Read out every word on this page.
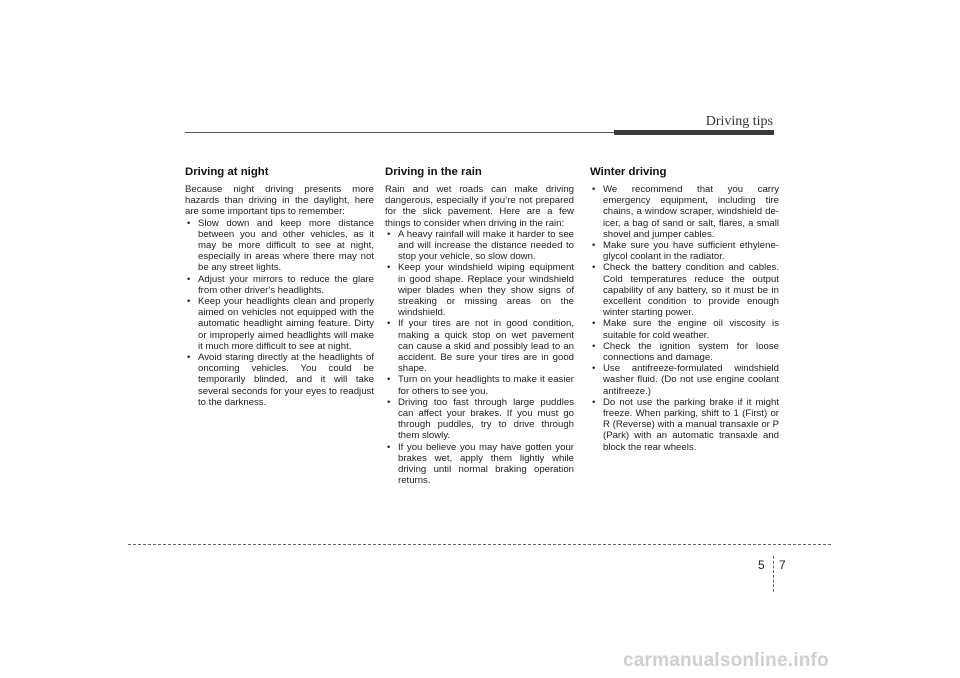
Driving tips
Driving at night

Because night driving presents more hazards than driving in the daylight, here are some important tips to remember:

• Slow down and keep more distance between you and other vehicles, as it may be more difficult to see at night, especially in areas where there may not be any street lights.
• Adjust your mirrors to reduce the glare from other driver's headlights.
• Keep your headlights clean and properly aimed on vehicles not equipped with the automatic headlight aiming feature. Dirty or improperly aimed headlights will make it much more difficult to see at night.
• Avoid staring directly at the headlights of oncoming vehicles. You could be temporarily blinded, and it will take several seconds for your eyes to readjust to the darkness.
Driving in the rain

Rain and wet roads can make driving dangerous, especially if you’re not prepared for the slick pavement. Here are a few things to consider when driving in the rain:

• A heavy rainfall will make it harder to see and will increase the distance needed to stop your vehicle, so slow down.
• Keep your windshield wiping equipment in good shape. Replace your windshield wiper blades when they show signs of streaking or missing areas on the windshield.
• If your tires are not in good condition, making a quick stop on wet pavement can cause a skid and possibly lead to an accident. Be sure your tires are in good shape.
• Turn on your headlights to make it easier for others to see you.
• Driving too fast through large puddles can affect your brakes. If you must go through puddles, try to drive through them slowly.
• If you believe you may have gotten your brakes wet, apply them lightly while driving until normal braking operation returns.
Winter driving
• We recommend that you carry emergency equipment, including tire chains, a window scraper, windshield de-icer, a bag of sand or salt, flares, a small shovel and jumper cables.
• Make sure you have sufficient ethylene-glycol coolant in the radiator.
• Check the battery condition and cables. Cold temperatures reduce the output capability of any battery, so it must be in excellent condition to provide enough winter starting power.
• Make sure the engine oil viscosity is suitable for cold weather.
• Check the ignition system for loose connections and damage.
• Use antifreeze-formulated windshield washer fluid. (Do not use engine coolant antifreeze.)
• Do not use the parking brake if it might freeze. When parking, shift to 1 (First) or R (Reverse) with a manual transaxle or P (Park) with an automatic transaxle and block the rear wheels.
5 7
carmanualsonline.info
